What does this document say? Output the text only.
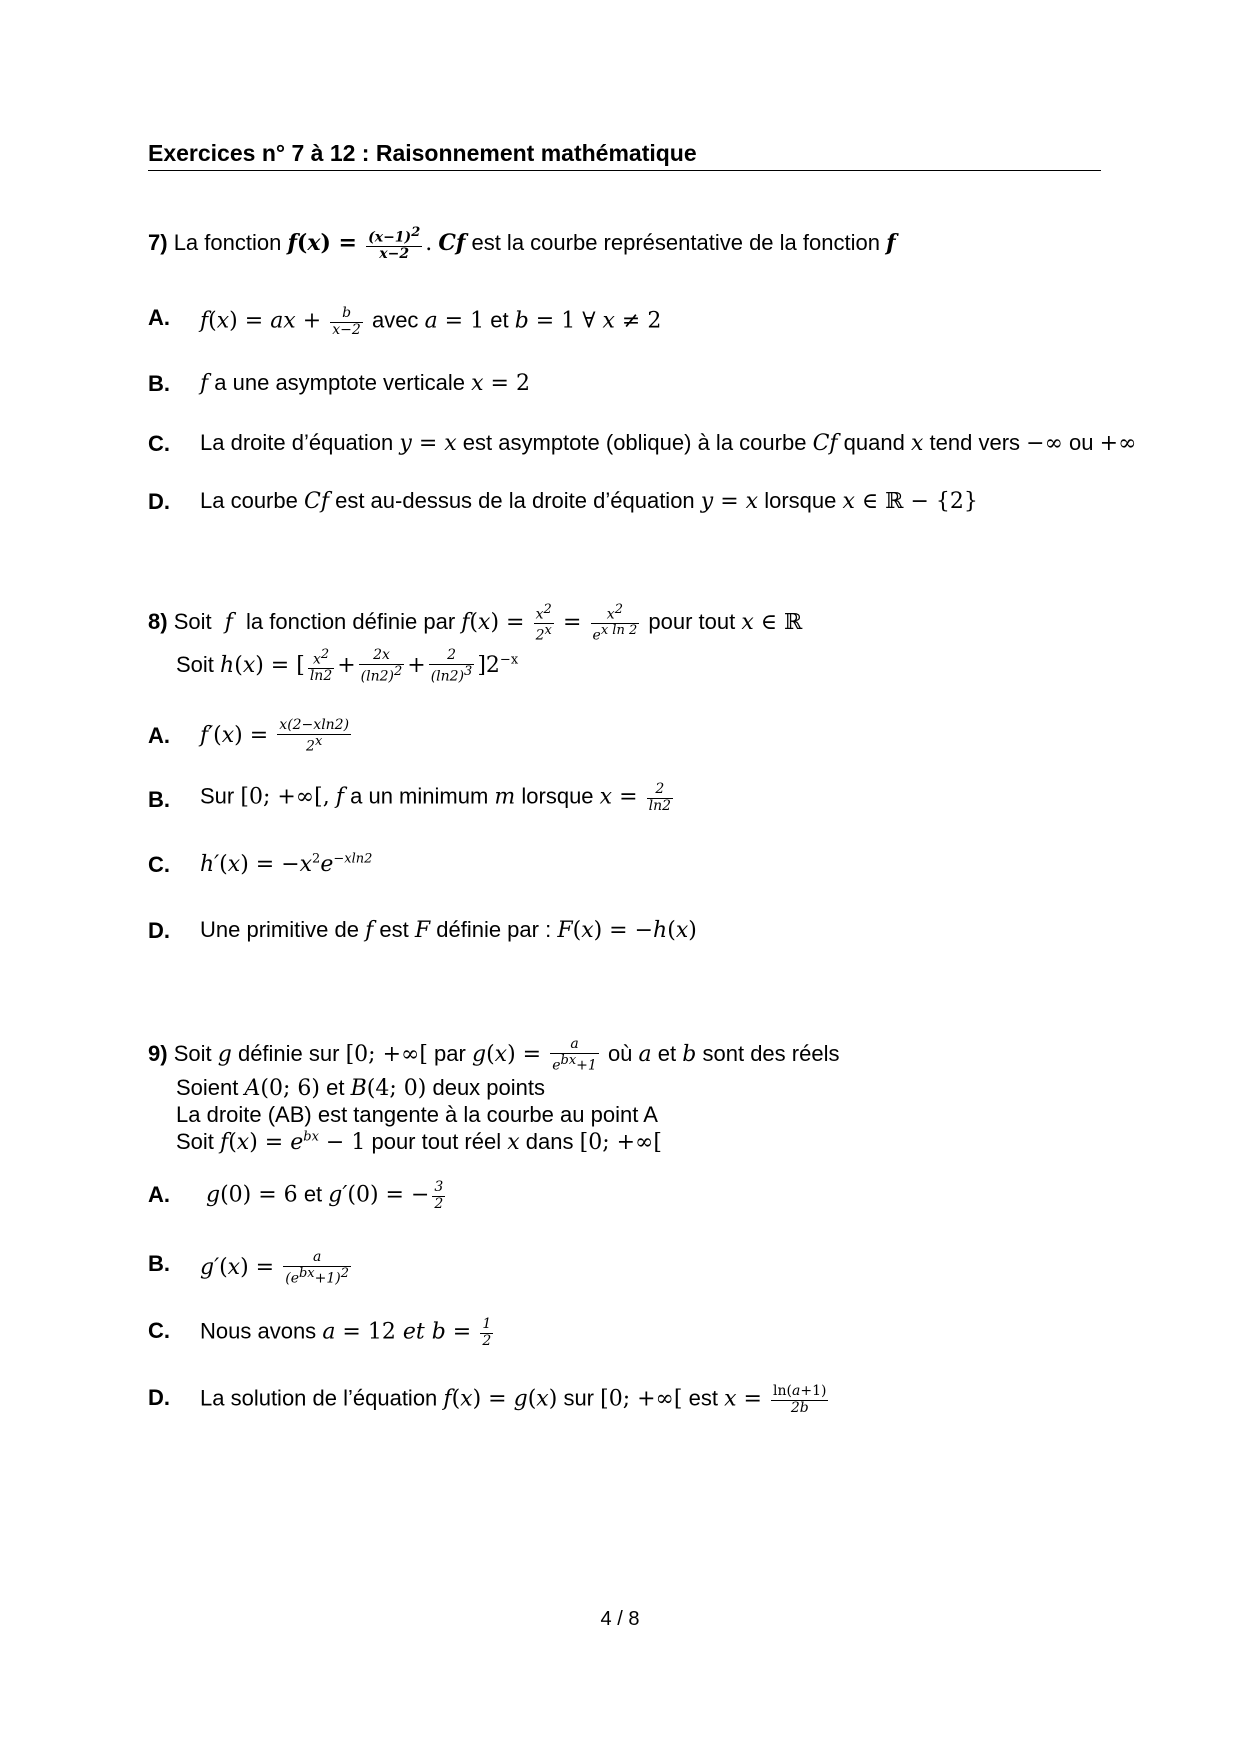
Exercices n° 7 à 12 : Raisonnement mathématique
7) La fonction $f(x) = \frac{(x-1)^2}{x-2}$ . Cf est la courbe représentative de la fonction f
A. f(x) = ax + $\frac{b}{x-2}$ avec a = 1 et b = 1 ∀ x ≠ 2
B. f a une asymptote verticale x = 2
C. La droite d’équation y = x est asymptote (oblique) à la courbe Cf quand x tend vers −∞ ou +∞
D. La courbe Cf est au-dessus de la droite d’équation y = x lorsque x ∈ ℝ − {2}
8) Soit  f  la fonction définie par $f(x) = \frac{x^2}{2^x} = \frac{x^2}{e^{x ln 2}}$ pour tout x ∈ ℝ
Soit h(x) = [ $\frac{x^2}{\ln 2} + \frac{2x}{(\ln 2)^2} + \frac{2}{(\ln 2)^3} ]2^{-x}$
A. $f'(x) = \frac{x(2-xln2)}{2^x}$
B. Sur [0; +∞[, f a un minimum m lorsque $x = \frac{2}{\ln 2}$
C. $h'(x) = -x^2e^{-xln2}$
D. Une primitive de f est F définie par : F(x) = −h(x)
9) Soit g définie sur [0; +∞[ par $g(x) = \frac{a}{e^{bx}+1}$ où a et b sont des réels
Soient A(0; 6) et B(4; 0) deux points
La droite (AB) est tangente à la courbe au point A
Soit $f(x) = e^{bx} - 1$ pour tout réel x dans [0; +∞[
A. g(0) = 6 et g′(0) = − $\frac{3}{2}$
B. $g'(x) = \frac{a}{(e^{bx}+1)^2}$
C. Nous avons a = 12 et $b = \frac{1}{2}$
D. La solution de l’équation f(x) = g(x) sur [0; +∞[ est $x = \frac{\ln(a+1)}{2b}$
4 / 8
